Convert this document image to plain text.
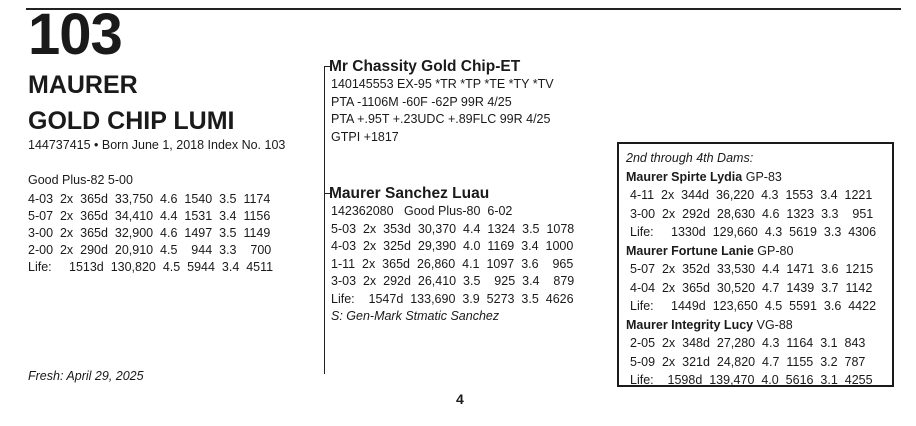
103
MAURER
GOLD CHIP LUMI
144737415 • Born June 1, 2018 Index No. 103
Good Plus-82 5-00
4-03  2x  365d  33,750  4.6  1540  3.5  1174
5-07  2x  365d  34,410  4.4  1531  3.4  1156
3-00  2x  365d  32,900  4.6  1497  3.5  1149
2-00  2x  290d  20,910  4.5    944  3.3    700
Life:     1513d  130,820  4.5  5944  3.4  4511
Fresh: April 29, 2025
Mr Chassity Gold Chip-ET
140145553 EX-95 *TR *TP *TE *TY *TV
PTA -1106M -60F -62P 99R 4/25
PTA +.95T +.23UDC +.89FLC 99R 4/25
GTPI +1817
Maurer Sanchez Luau
142362080   Good Plus-80  6-02
5-03  2x  353d  30,370  4.4  1324  3.5  1078
4-03  2x  325d  29,390  4.0  1169  3.4  1000
1-11  2x  365d  26,860  4.1  1097  3.6    965
3-03  2x  292d  26,410  3.5    925  3.4    879
Life:    1547d  133,690  3.9  5273  3.5  4626
S: Gen-Mark Stmatic Sanchez
2nd through 4th Dams:
Maurer Spirte Lydia GP-83
4-11  2x  344d  36,220  4.3  1553  3.4  1221
3-00  2x  292d  28,630  4.6  1323  3.3    951
Life:     1330d  129,660  4.3  5619  3.3  4306
Maurer Fortune Lanie GP-80
5-07  2x  352d  33,530  4.4  1471  3.6  1215
4-04  2x  365d  30,520  4.7  1439  3.7  1142
Life:     1449d  123,650  4.5  5591  3.6  4422
Maurer Integrity Lucy VG-88
2-05  2x  348d  27,280  4.3  1164  3.1  843
5-09  2x  321d  24,820  4.7  1155  3.2  787
Life:    1598d  139,470  4.0  5616  3.1  4255
4
